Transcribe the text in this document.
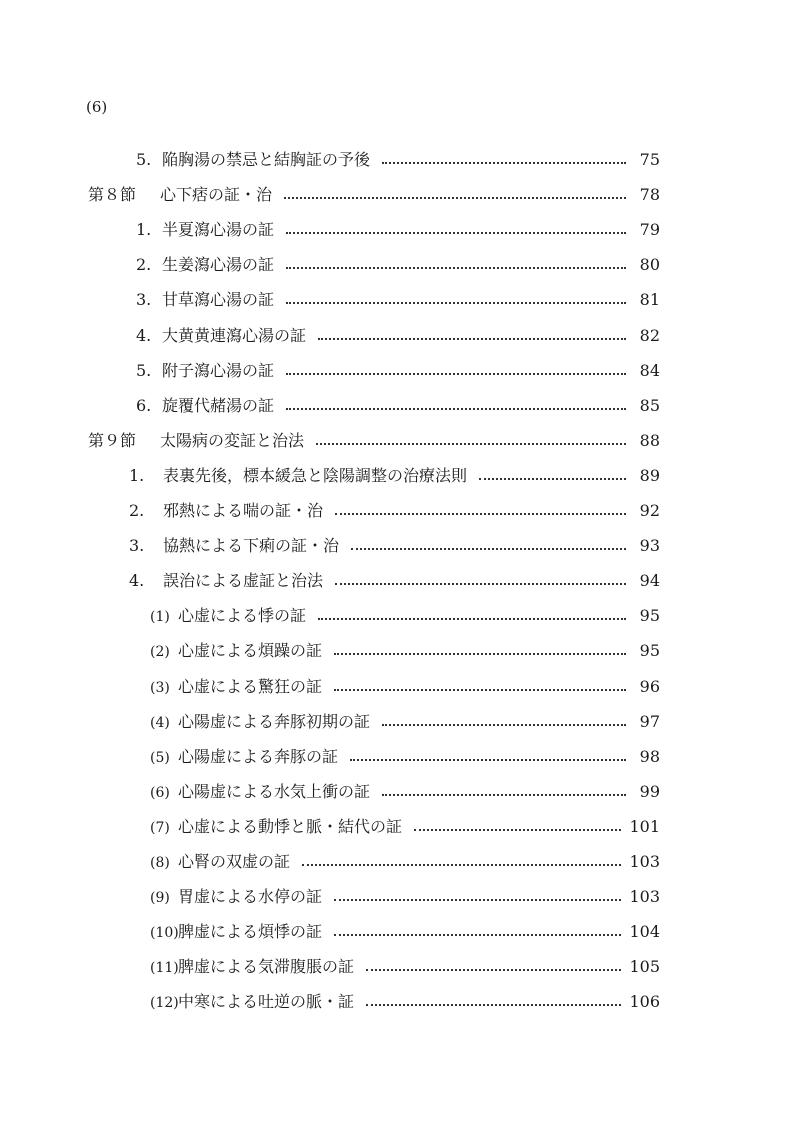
(6)
5. 陥胸湯の禁忌と結胸証の予後	75
第８節	心下痞の証・治	78
1. 半夏瀉心湯の証	79
2. 生姜瀉心湯の証	80
3. 甘草瀉心湯の証	81
4. 大黄黄連瀉心湯の証	82
5. 附子瀉心湯の証	84
6. 旋覆代赭湯の証	85
第９節	太陽病の変証と治法	88
1.	表裏先後，標本緩急と陰陽調整の治療法則	89
2.	邪熱による喘の証・治	92
3.	協熱による下痢の証・治	93
4.	誤治による虚証と治法	94
(1) 心虚による悸の証	95
(2) 心虚による煩躁の証	95
(3) 心虚による驚狂の証	96
(4) 心陽虚による奔豚初期の証	97
(5) 心陽虚による奔豚の証	98
(6) 心陽虚による水気上衝の証	99
(7) 心虚による動悸と脈・結代の証	101
(8) 心腎の双虚の証	103
(9) 胃虚による水停の証	103
(10) 脾虚による煩悸の証	104
(11) 脾虚による気滞腹脹の証	105
(12) 中寒による吐逆の脈・証	106
